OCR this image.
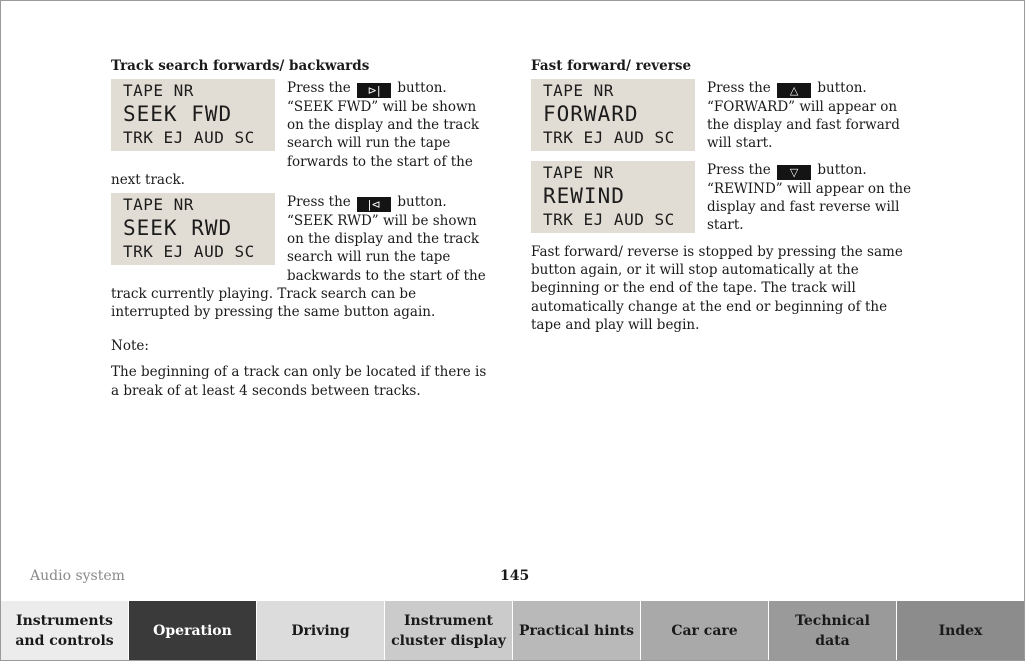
Track search forwards/ backwards
TAPE NR
SEEK FWD
TRK EJ AUD SC
Press the ⊳| button. “SEEK FWD” will be shown on the display and the track search will run the tape forwards to the start of the next track.
TAPE NR
SEEK RWD
TRK EJ AUD SC
Press the |⊲ button. “SEEK RWD” will be shown on the display and the track search will run the tape backwards to the start of the track currently playing. Track search can be interrupted by pressing the same button again.
Note:
The beginning of a track can only be located if there is a break of at least 4 seconds between tracks.
Fast forward/ reverse
TAPE NR
FORWARD
TRK EJ AUD SC
Press the △ button. “FORWARD” will appear on the display and fast forward will start.
TAPE NR
REWIND
TRK EJ AUD SC
Press the ▽ button. “REWIND” will appear on the display and fast reverse will start.
Fast forward/ reverse is stopped by pressing the same button again, or it will stop automatically at the beginning or the end of the tape. The track will automatically change at the end or beginning of the tape and play will begin.
Audio system	145
Instruments
and controls
Operation	Driving
Instrument
cluster display
Practical hints	Car care
Technical
data
Index
